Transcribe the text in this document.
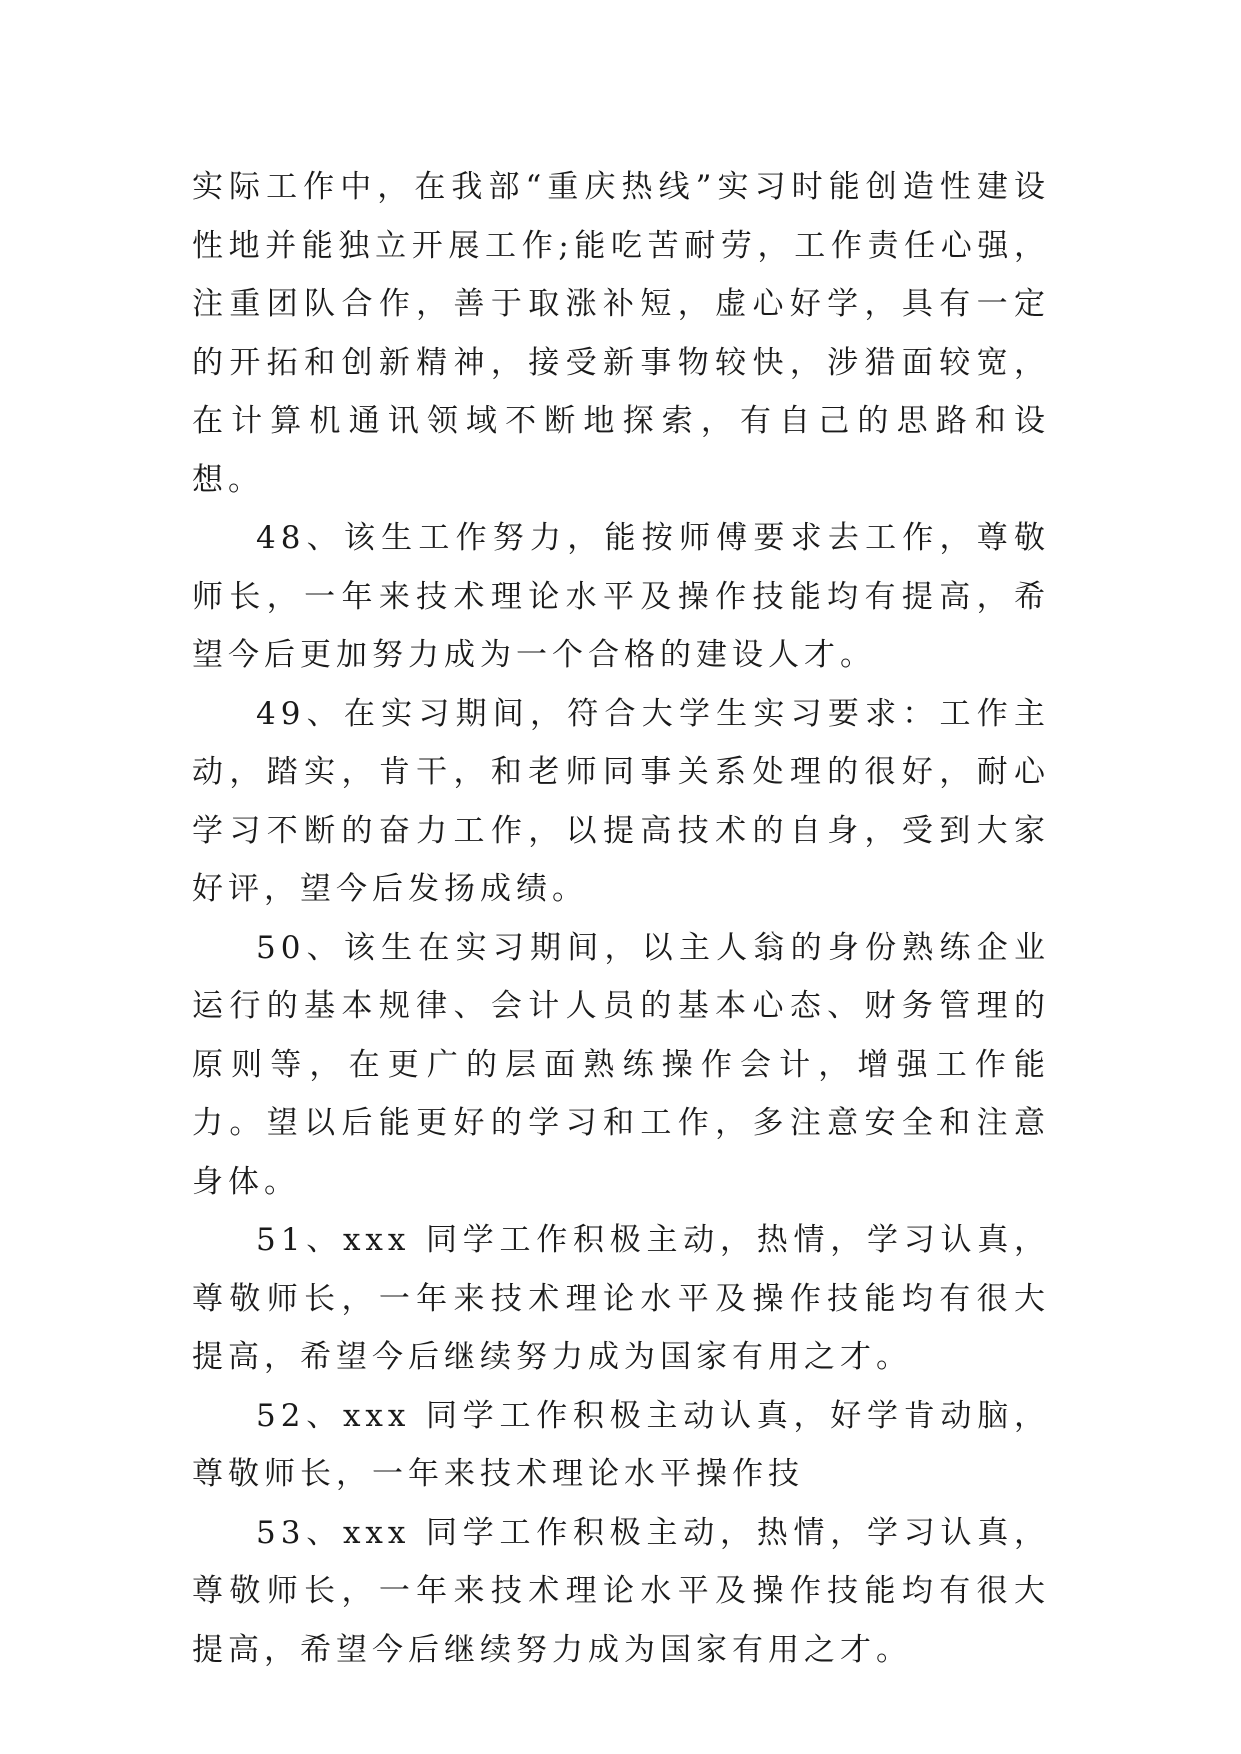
实际工作中，在我部“重庆热线”实习时能创造性建设性地并能独立开展工作;能吃苦耐劳，工作责任心强，注重团队合作，善于取涨补短，虚心好学，具有一定的开拓和创新精神，接受新事物较快，涉猎面较宽，在计算机通讯领域不断地探索，有自己的思路和设想。

48、该生工作努力，能按师傅要求去工作，尊敬师长，一年来技术理论水平及操作技能均有提高，希望今后更加努力成为一个合格的建设人才。

49、在实习期间，符合大学生实习要求：工作主动，踏实，肯干，和老师同事关系处理的很好，耐心学习不断的奋力工作，以提高技术的自身，受到大家好评，望今后发扬成绩。

50、该生在实习期间，以主人翁的身份熟练企业运行的基本规律、会计人员的基本心态、财务管理的原则等，在更广的层面熟练操作会计，增强工作能力。望以后能更好的学习和工作，多注意安全和注意身体。

51、xxx 同学工作积极主动，热情，学习认真，尊敬师长，一年来技术理论水平及操作技能均有很大提高，希望今后继续努力成为国家有用之才。

52、xxx 同学工作积极主动认真，好学肯动脑，尊敬师长，一年来技术理论水平操作技

53、xxx 同学工作积极主动，热情，学习认真，尊敬师长，一年来技术理论水平及操作技能均有很大提高，希望今后继续努力成为国家有用之才。
